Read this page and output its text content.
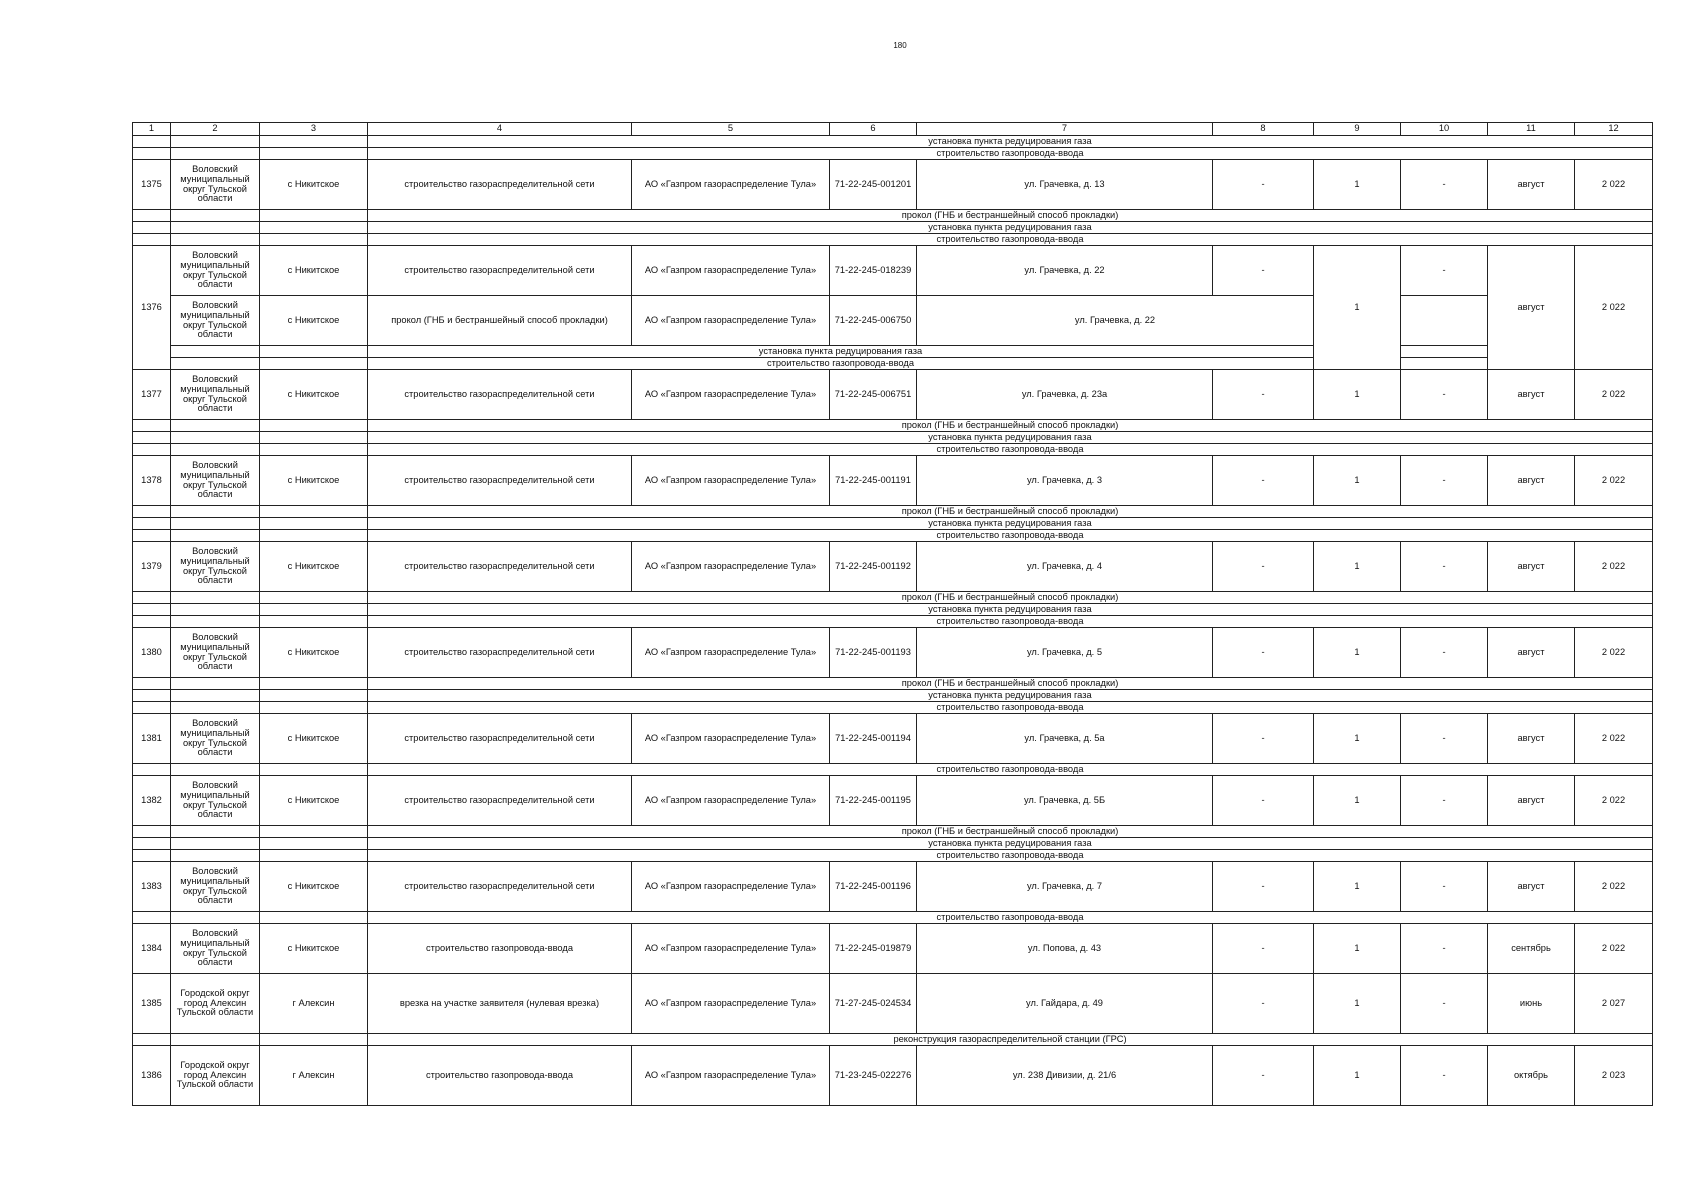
180
1	2	3	4	5	6	7	8	9	10	11	12
			установка пункта редуцирования газа								
			строительство газопровода-ввода								
1375	Воловский муниципальный округ Тульской области	с Никитское	строительство газораспределительной сети	АО «Газпром газораспределение Тула»	71-22-245-001201	ул. Грачевка, д. 13	-	1	-	август	2 022
			прокол (ГНБ и бестраншейный способ прокладки)								
			установка пункта редуцирования газа								
			строительство газопровода-ввода								
1376	Воловский муниципальный округ Тульской области	с Никитское	строительство газораспределительной сети	АО «Газпром газораспределение Тула»	71-22-245-018239	ул. Грачевка, д. 22	-	1	-	август	2 022
	Воловский муниципальный округ Тульской области	с Никитское	прокол (ГНБ и бестраншейный способ прокладки)	АО «Газпром газораспределение Тула»	71-22-245-006750	ул. Грачевка, д. 22					
			установка пункта редуцирования газа								
			строительство газопровода-ввода								
1377	Воловский муниципальный округ Тульской области	с Никитское	строительство газораспределительной сети	АО «Газпром газораспределение Тула»	71-22-245-006751	ул. Грачевка, д. 23а	-	1	-	август	2 022
			прокол (ГНБ и бестраншейный способ прокладки)								
			установка пункта редуцирования газа								
			строительство газопровода-ввода								
1378	Воловский муниципальный округ Тульской области	с Никитское	строительство газораспределительной сети	АО «Газпром газораспределение Тула»	71-22-245-001191	ул. Грачевка, д. 3	-	1	-	август	2 022
			прокол (ГНБ и бестраншейный способ прокладки)								
			установка пункта редуцирования газа								
			строительство газопровода-ввода								
1379	Воловский муниципальный округ Тульской области	с Никитское	строительство газораспределительной сети	АО «Газпром газораспределение Тула»	71-22-245-001192	ул. Грачевка, д. 4	-	1	-	август	2 022
			прокол (ГНБ и бестраншейный способ прокладки)								
			установка пункта редуцирования газа								
			строительство газопровода-ввода								
1380	Воловский муниципальный округ Тульской области	с Никитское	строительство газораспределительной сети	АО «Газпром газораспределение Тула»	71-22-245-001193	ул. Грачевка, д. 5	-	1	-	август	2 022
			прокол (ГНБ и бестраншейный способ прокладки)								
			установка пункта редуцирования газа								
			строительство газопровода-ввода								
1381	Воловский муниципальный округ Тульской области	с Никитское	строительство газораспределительной сети	АО «Газпром газораспределение Тула»	71-22-245-001194	ул. Грачевка, д. 5а	-	1	-	август	2 022
			строительство газопровода-ввода								
1382	Воловский муниципальный округ Тульской области	с Никитское	строительство газораспределительной сети	АО «Газпром газораспределение Тула»	71-22-245-001195	ул. Грачевка, д. 5Б	-	1	-	август	2 022
			прокол (ГНБ и бестраншейный способ прокладки)								
			установка пункта редуцирования газа								
			строительство газопровода-ввода								
1383	Воловский муниципальный округ Тульской области	с Никитское	строительство газораспределительной сети	АО «Газпром газораспределение Тула»	71-22-245-001196	ул. Грачевка, д. 7	-	1	-	август	2 022
			строительство газопровода-ввода								
1384	Воловский муниципальный округ Тульской области	с Никитское	строительство газопровода-ввода	АО «Газпром газораспределение Тула»	71-22-245-019879	ул. Попова, д. 43	-	1	-	сентябрь	2 022
1385	Городской округ город Алексин Тульской области	г Алексин	врезка на участке заявителя (нулевая врезка)	АО «Газпром газораспределение Тула»	71-27-245-024534	ул. Гайдара, д. 49	-	1	-	июнь	2 027
			реконструкция газораспределительной станции (ГРС)								
1386	Городской округ город Алексин Тульской области	г Алексин	строительство газопровода-ввода	АО «Газпром газораспределение Тула»	71-23-245-022276	ул. 238 Дивизии, д. 21/6	-	1	-	октябрь	2 023
